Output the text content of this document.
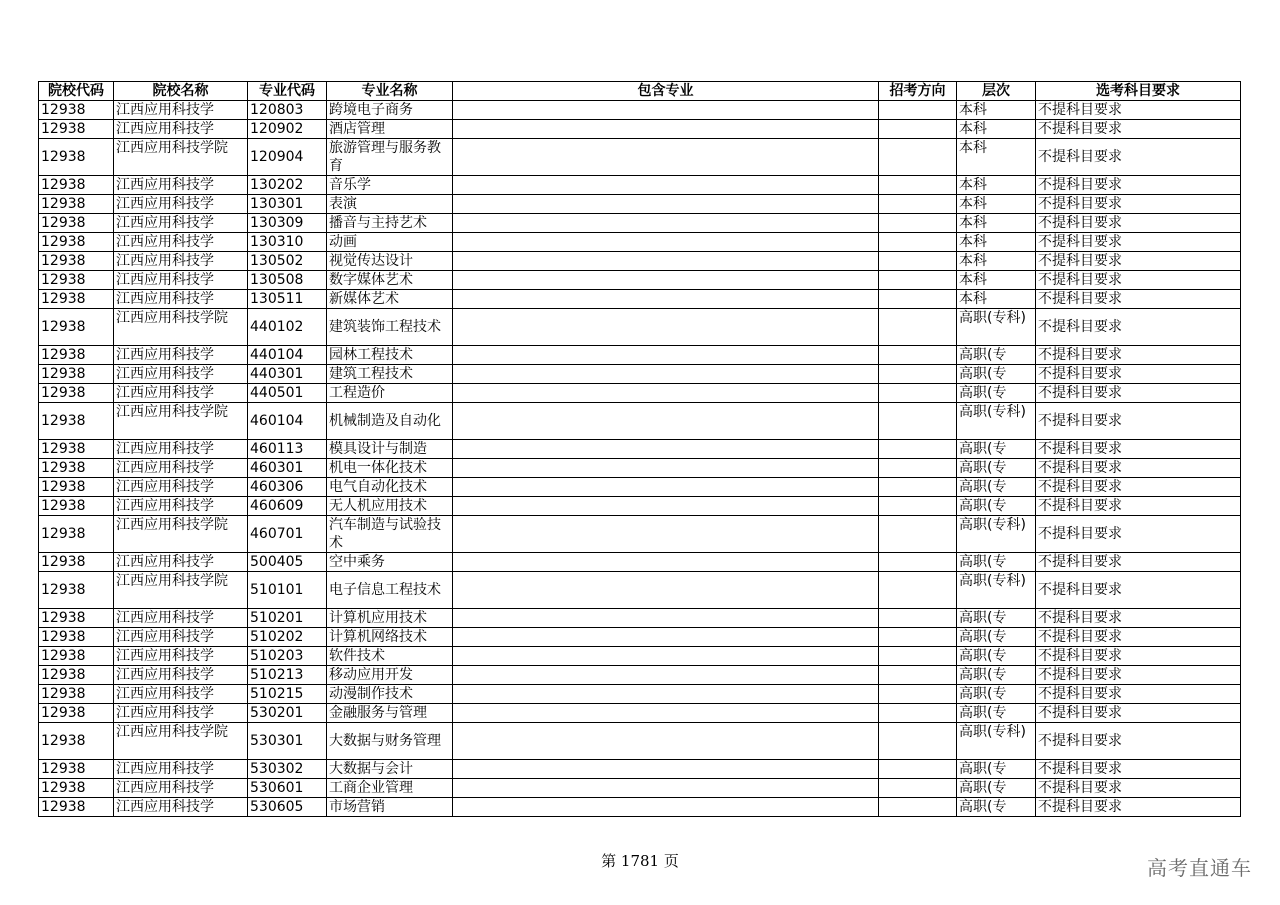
院校代码	院校名称	专业代码	专业名称	包含专业	招考方向	层次	选考科目要求
12938	江西应用科技学	120803	跨境电子商务			本科	不提科目要求
12938	江西应用科技学	120902	酒店管理			本科	不提科目要求
12938	江西应用科技学院	120904	旅游管理与服务教育			本科	不提科目要求
12938	江西应用科技学	130202	音乐学			本科	不提科目要求
12938	江西应用科技学	130301	表演			本科	不提科目要求
12938	江西应用科技学	130309	播音与主持艺术			本科	不提科目要求
12938	江西应用科技学	130310	动画			本科	不提科目要求
12938	江西应用科技学	130502	视觉传达设计			本科	不提科目要求
12938	江西应用科技学	130508	数字媒体艺术			本科	不提科目要求
12938	江西应用科技学	130511	新媒体艺术			本科	不提科目要求
12938	江西应用科技学院	440102	建筑装饰工程技术			高职(专科)	不提科目要求
12938	江西应用科技学	440104	园林工程技术			高职(专	不提科目要求
12938	江西应用科技学	440301	建筑工程技术			高职(专	不提科目要求
12938	江西应用科技学	440501	工程造价			高职(专	不提科目要求
12938	江西应用科技学院	460104	机械制造及自动化			高职(专科)	不提科目要求
12938	江西应用科技学	460113	模具设计与制造			高职(专	不提科目要求
12938	江西应用科技学	460301	机电一体化技术			高职(专	不提科目要求
12938	江西应用科技学	460306	电气自动化技术			高职(专	不提科目要求
12938	江西应用科技学	460609	无人机应用技术			高职(专	不提科目要求
12938	江西应用科技学院	460701	汽车制造与试验技术			高职(专科)	不提科目要求
12938	江西应用科技学	500405	空中乘务			高职(专	不提科目要求
12938	江西应用科技学院	510101	电子信息工程技术			高职(专科)	不提科目要求
12938	江西应用科技学	510201	计算机应用技术			高职(专	不提科目要求
12938	江西应用科技学	510202	计算机网络技术			高职(专	不提科目要求
12938	江西应用科技学	510203	软件技术			高职(专	不提科目要求
12938	江西应用科技学	510213	移动应用开发			高职(专	不提科目要求
12938	江西应用科技学	510215	动漫制作技术			高职(专	不提科目要求
12938	江西应用科技学	530201	金融服务与管理			高职(专	不提科目要求
12938	江西应用科技学院	530301	大数据与财务管理			高职(专科)	不提科目要求
12938	江西应用科技学	530302	大数据与会计			高职(专	不提科目要求
12938	江西应用科技学	530601	工商企业管理			高职(专	不提科目要求
12938	江西应用科技学	530605	市场营销			高职(专	不提科目要求
第 1781 页	高考直通车
